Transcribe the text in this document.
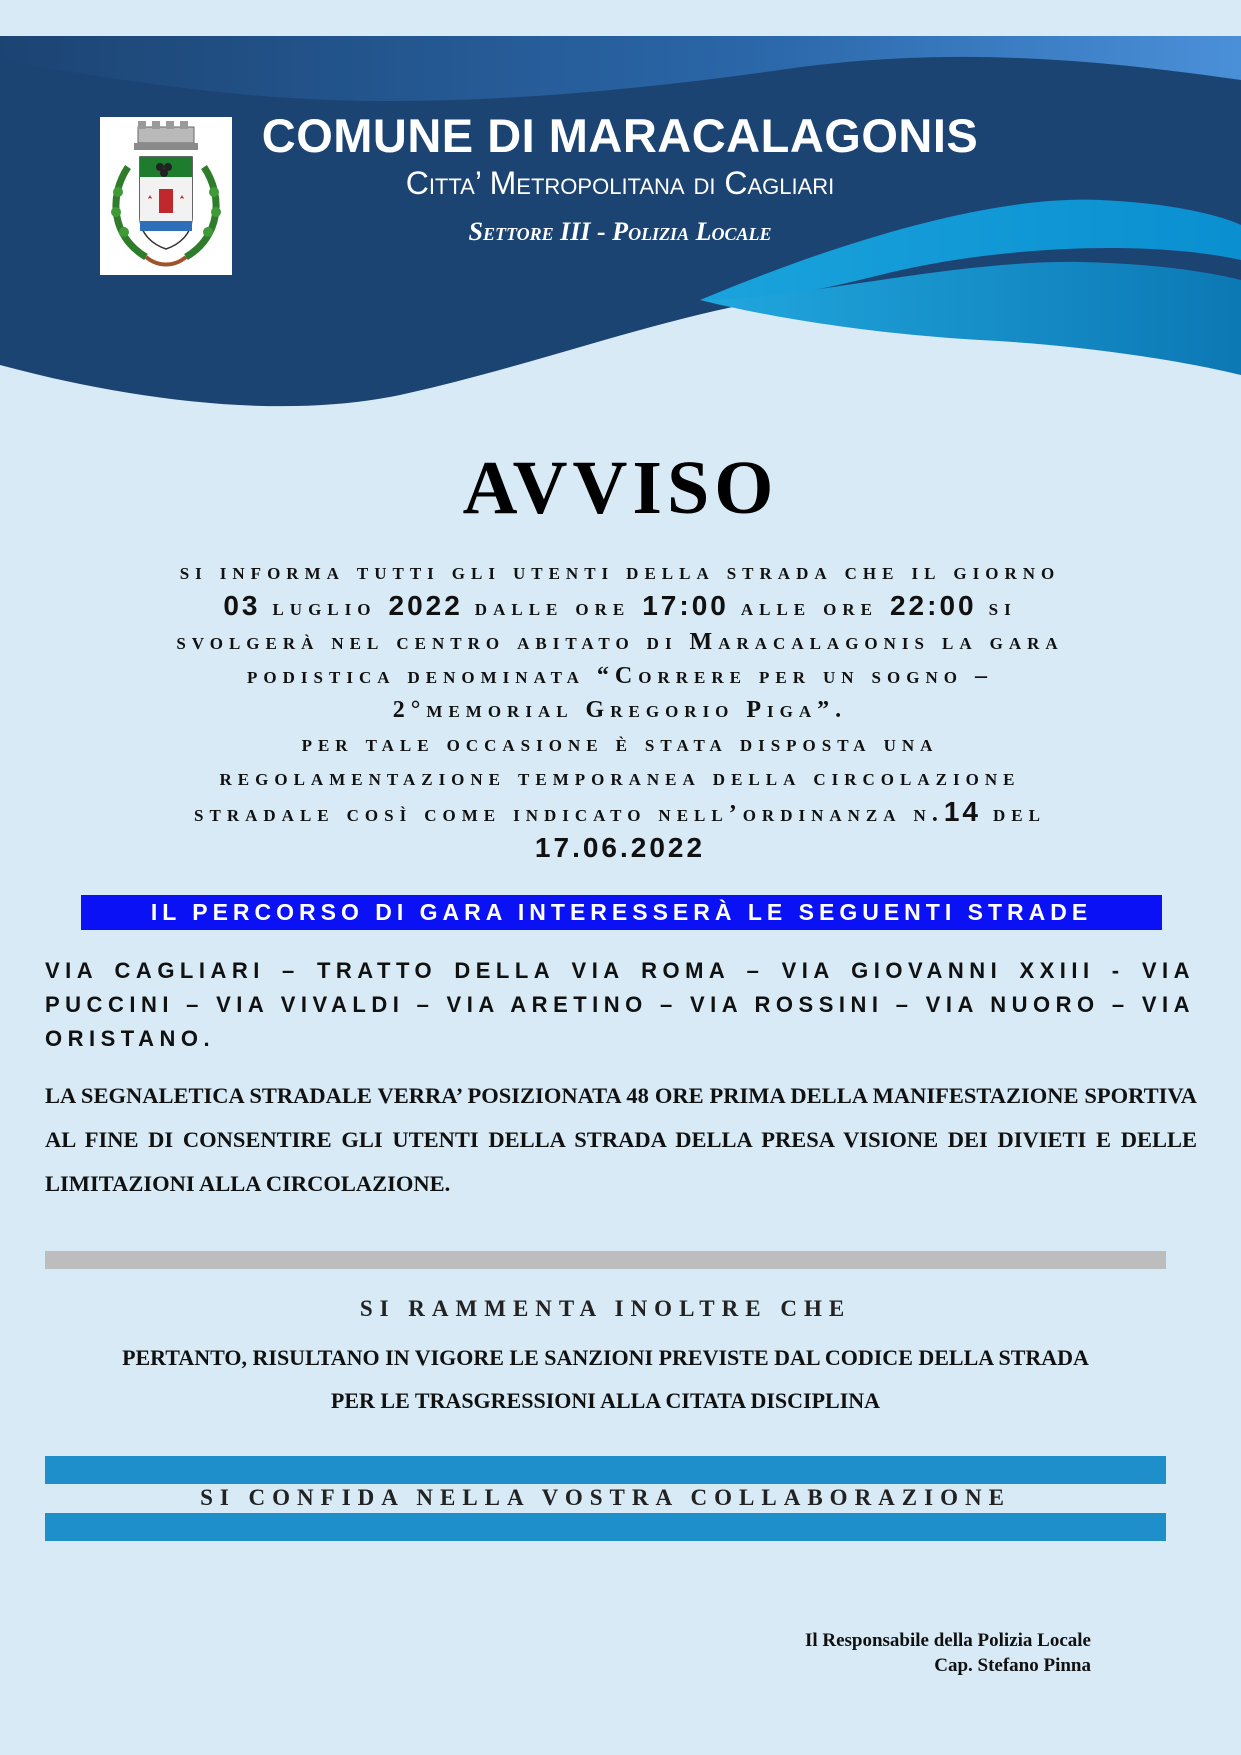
COMUNE DI MARACALAGONIS
Citta’ Metropolitana di Cagliari
Settore III - Polizia Locale
AVVISO

si informa tutti gli utenti della strada che il giorno

03 luglio 2022 dalle ore 17:00 alle ore 22:00 si

svolgerà nel centro abitato di Maracalagonis la gara

podistica denominata “Correre per un sogno –

2°memorial Gregorio Piga”.

per tale occasione è stata disposta una

regolamentazione temporanea della circolazione

stradale così come indicato nell’ordinanza n.14 del

17.06.2022

IL PERCORSO DI GARA INTERESSERÀ LE SEGUENTI STRADE
VIA CAGLIARI – TRATTO DELLA VIA ROMA – VIA GIOVANNI XXIII - VIA PUCCINI – VIA VIVALDI – VIA ARETINO – VIA ROSSINI – VIA NUORO – VIA ORISTANO.
LA SEGNALETICA STRADALE VERRA’ POSIZIONATA 48 ORE PRIMA DELLA MANIFESTAZIONE SPORTIVA AL FINE DI CONSENTIRE GLI UTENTI DELLA STRADA DELLA PRESA VISIONE DEI DIVIETI E DELLE LIMITAZIONI ALLA CIRCOLAZIONE.
SI RAMMENTA INOLTRE CHE

PERTANTO, RISULTANO IN VIGORE LE SANZIONI PREVISTE DAL CODICE DELLA STRADA

PER LE TRASGRESSIONI ALLA CITATA DISCIPLINA

SI CONFIDA NELLA VOSTRA COLLABORAZIONE
Il Responsabile della Polizia Locale
Cap. Stefano Pinna
